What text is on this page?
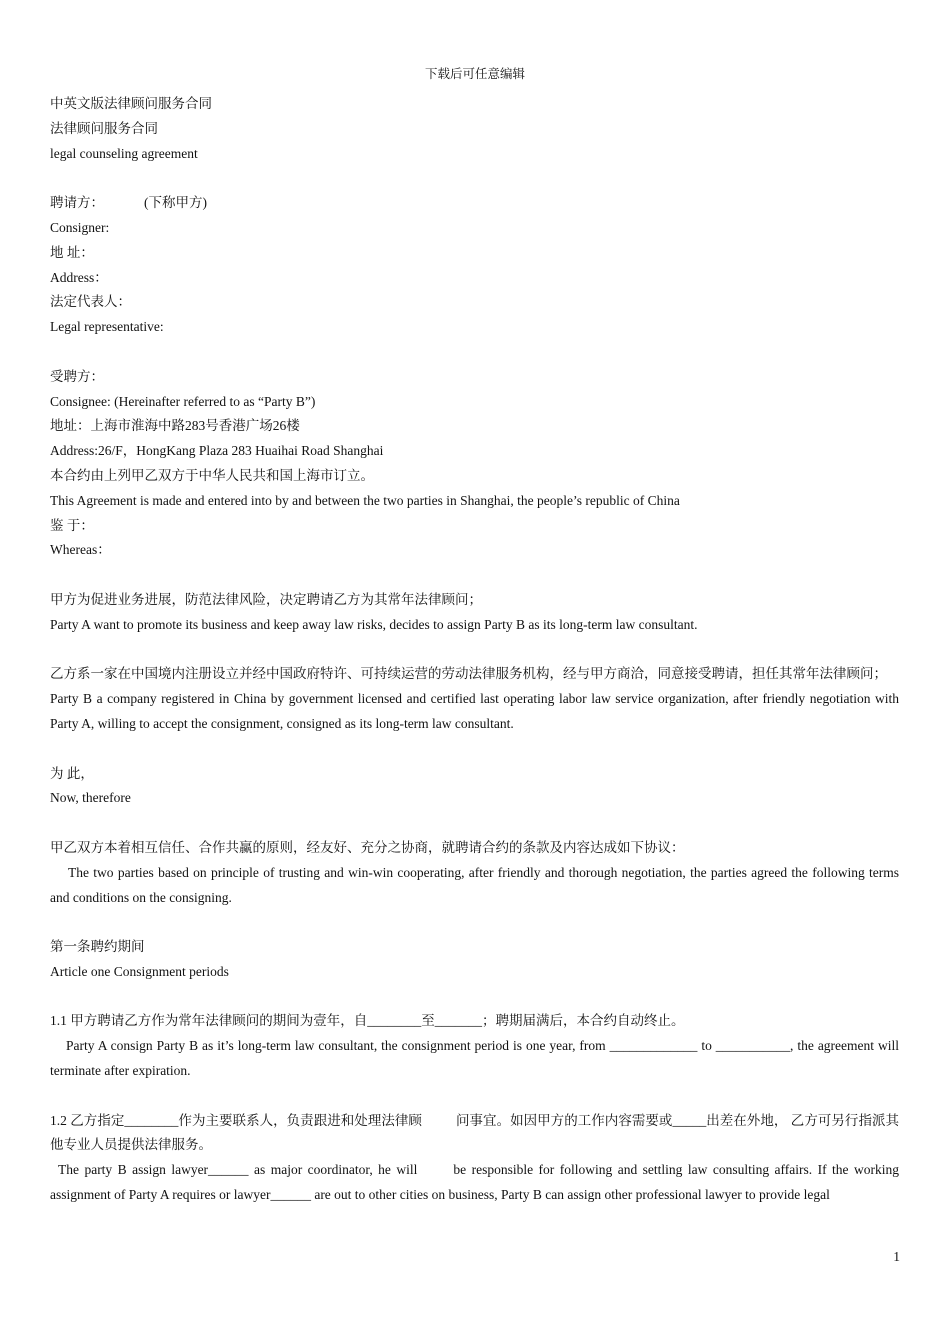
下载后可任意编辑

中英文版法律顾问服务合同

法律顾问服务合同

legal counseling agreement

聘请方：	(下称甲方)

Consigner:

地 址：

Address：

法定代表人：

Legal representative:

受聘方：

Consignee: (Hereinafter referred to as “Party B”)

地址：上海市淮海中路283号香港广场26楼

Address:26/F，HongKang Plaza 283 Huaihai Road Shanghai

本合约由上列甲乙双方于中华人民共和国上海市订立。

This Agreement is made and entered into by and between the two parties in Shanghai, the people’s republic of China

鉴 于：

Whereas：

甲方为促进业务进展，防范法律风险，决定聘请乙方为其常年法律顾问；

Party A want to promote its business and keep away law risks, decides to assign Party B as its long-term law consultant.

乙方系一家在中国境内注册设立并经中国政府特许、可持续运营的劳动法律服务机构，经与甲方商洽，同意接受聘请，担任其常年法律顾问；

Party B a company registered in China by government licensed and certified last operating labor law service organization, after friendly negotiation with Party A, willing to accept the consignment, consigned as its long-term law consultant.

为 此，

Now, therefore

甲乙双方本着相互信任、合作共赢的原则，经友好、充分之协商，就聘请合约的条款及内容达成如下协议：

The two parties based on principle of trusting and win-win cooperating, after friendly and thorough negotiation, the parties agreed the following terms and conditions on the consigning.

第一条聘约期间

Article one Consignment periods

1.1 甲方聘请乙方作为常年法律顾问的期间为壹年，自________至_______；聘期届满后，本合约自动终止。

Party A consign Party B as it’s long-term law consultant, the consignment period is one year, from _____________ to ___________, the agreement will terminate after expiration.

1.2 乙方指定________作为主要联系人，负责跟进和处理法律顾	问事宜。如因甲方的工作内容需要或_____出差在外地， 乙方可另行指派其他专业人员提供法律服务。

The party B assign lawyer______ as major coordinator, he will	be responsible for following and settling law consulting affairs. If the working assignment of Party A requires or lawyer______ are out to other cities on business, Party B can assign other professional lawyer to provide legal

1
